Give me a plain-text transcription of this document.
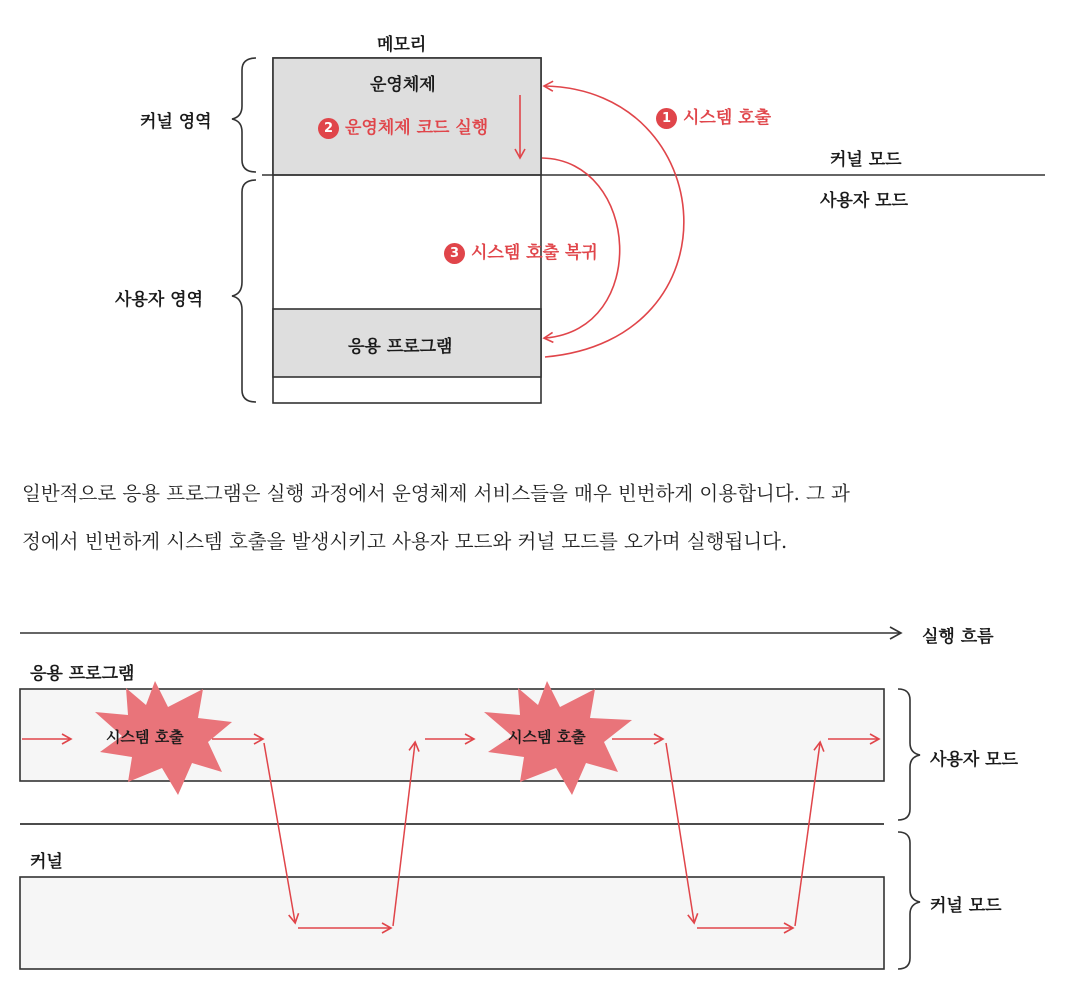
메모리
운영체제
응용 프로그램
커널 영역
사용자 영역
커널 모드
사용자 모드
1 시스템 호출
2 운영체제 코드 실행
3 시스템 호출 복귀
일반적으로 응용 프로그램은 실행 과정에서 운영체제 서비스들을 매우 빈번하게 이용합니다. 그 과
정에서 빈번하게 시스템 호출을 발생시키고 사용자 모드와 커널 모드를 오가며 실행됩니다.
실행 흐름
응용 프로그램
커널
시스템 호출	시스템 호출
사용자 모드
커널 모드
